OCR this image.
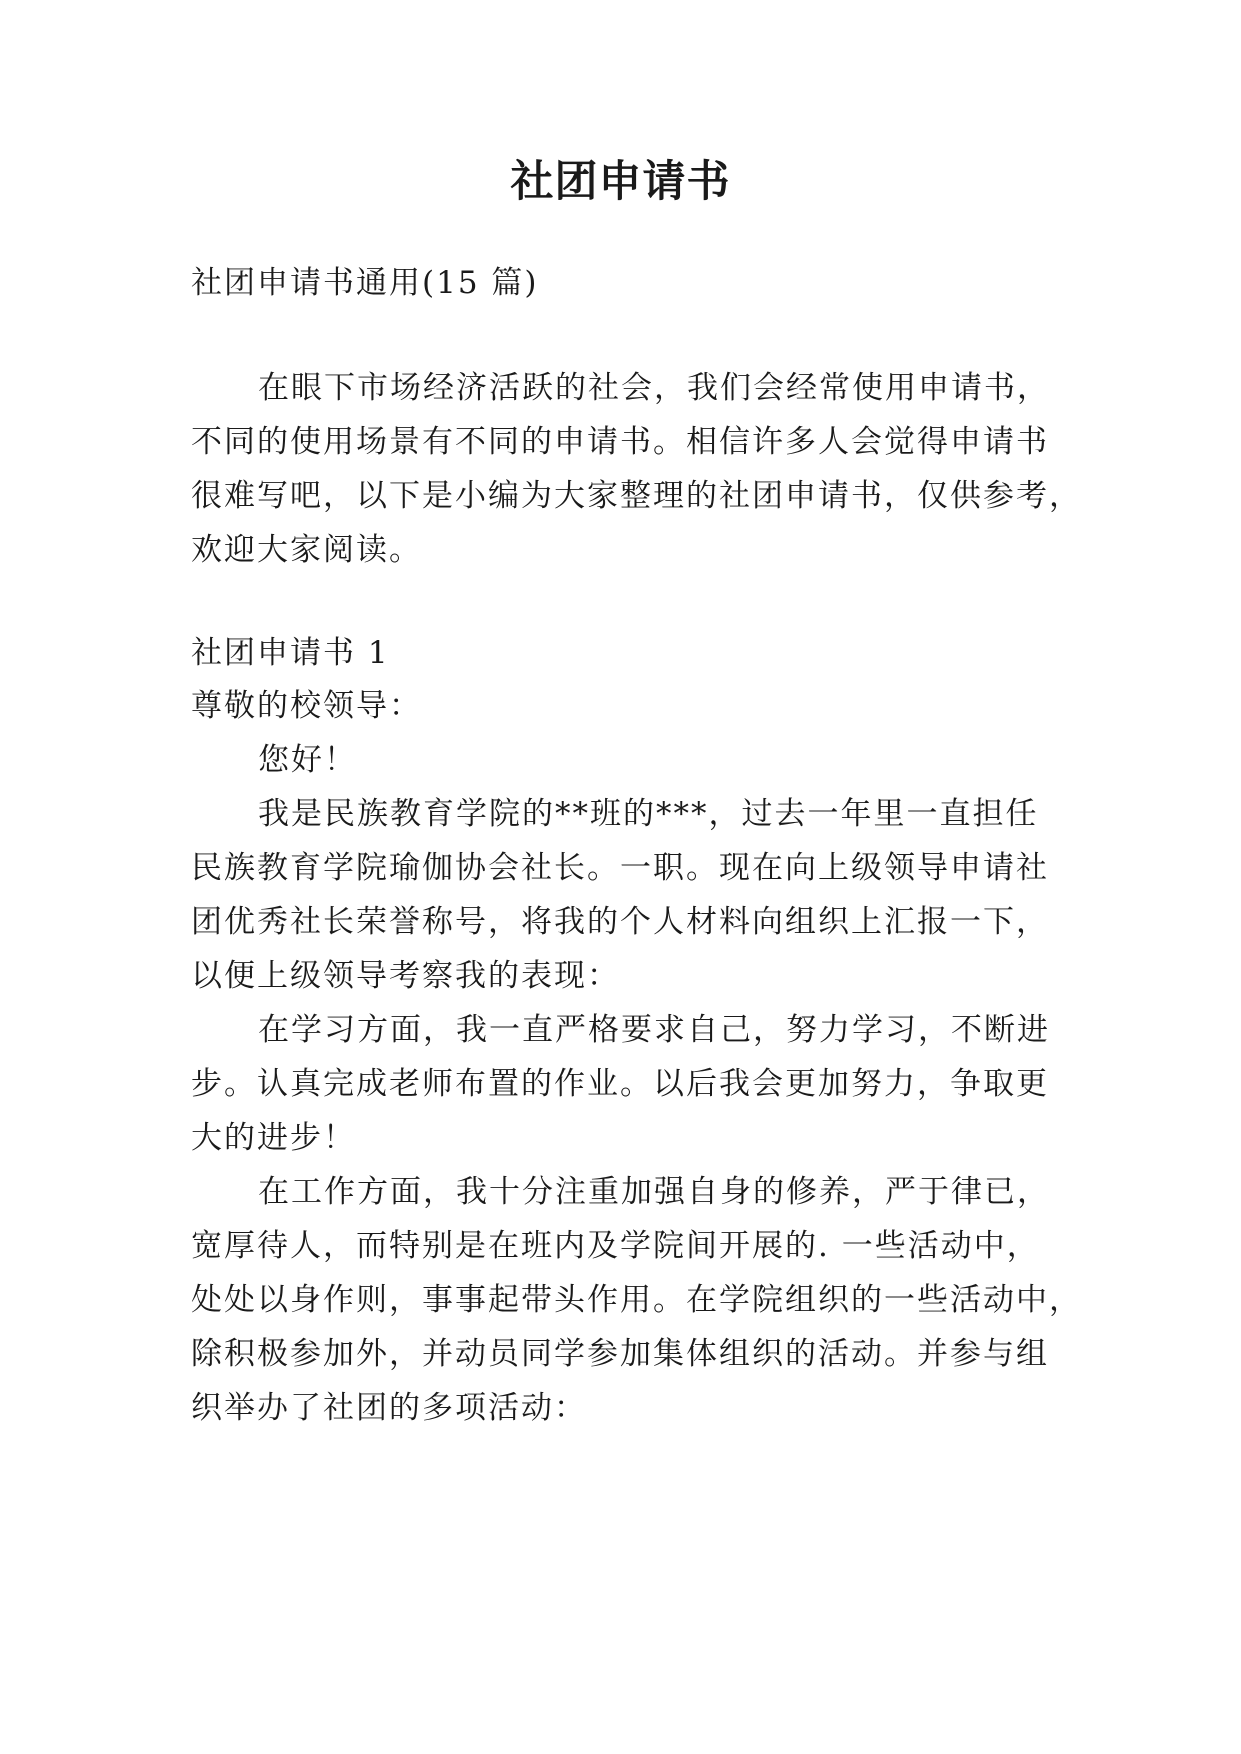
社团申请书

社团申请书通用(15 篇)

在眼下市场经济活跃的社会，我们会经常使用申请书，

不同的使用场景有不同的申请书。相信许多人会觉得申请书

很难写吧，以下是小编为大家整理的社团申请书，仅供参考，

欢迎大家阅读。

社团申请书 1

尊敬的校领导：

您好！

我是民族教育学院的**班的***，过去一年里一直担任

民族教育学院瑜伽协会社长。一职。现在向上级领导申请社

团优秀社长荣誉称号，将我的个人材料向组织上汇报一下，

以便上级领导考察我的表现：

在学习方面，我一直严格要求自己，努力学习，不断进

步。认真完成老师布置的作业。以后我会更加努力，争取更

大的进步！

在工作方面，我十分注重加强自身的修养，严于律已，

宽厚待人，而特别是在班内及学院间开展的. 一些活动中，

处处以身作则，事事起带头作用。在学院组织的一些活动中，

除积极参加外，并动员同学参加集体组织的活动。并参与组

织举办了社团的多项活动：
